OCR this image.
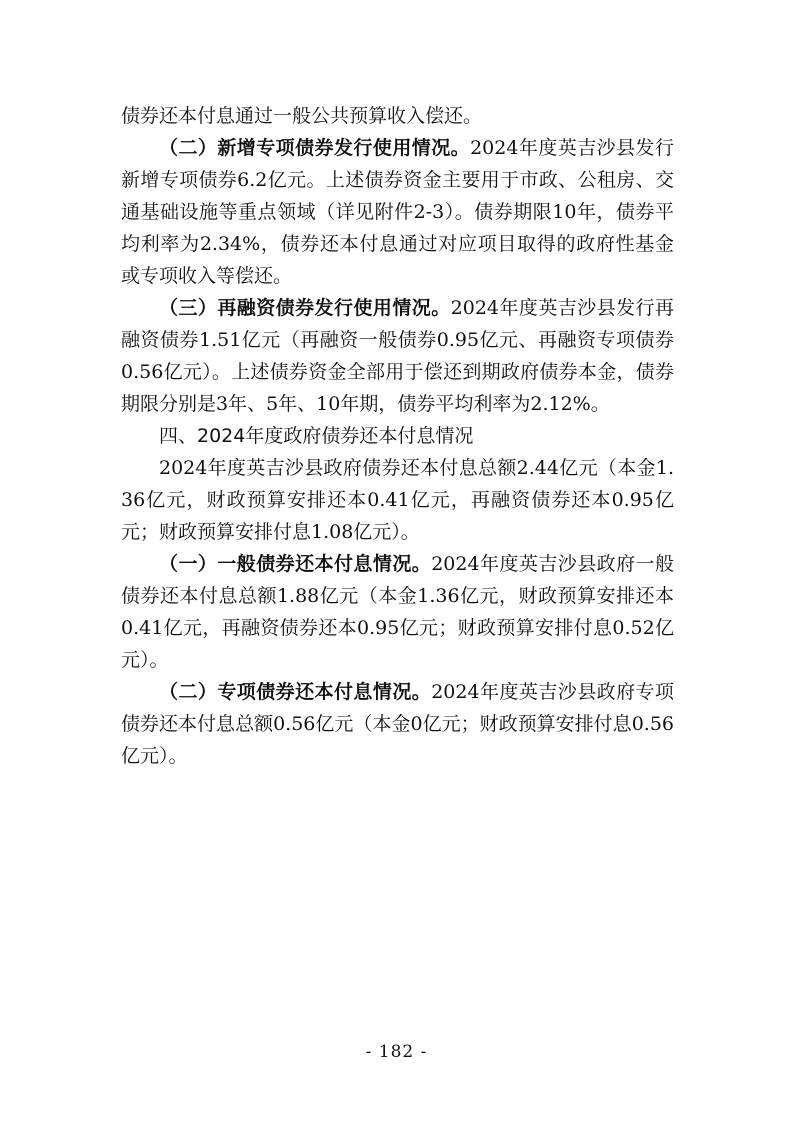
债券还本付息通过一般公共预算收入偿还。

（二）新增专项债券发行使用情况。2024年度英吉沙县发行新增专项债券6.2亿元。上述债券资金主要用于市政、公租房、交通基础设施等重点领域（详见附件2-3）。债券期限10年，债券平均利率为2.34%，债券还本付息通过对应项目取得的政府性基金或专项收入等偿还。

（三）再融资债券发行使用情况。2024年度英吉沙县发行再融资债券1.51亿元（再融资一般债券0.95亿元、再融资专项债券0.56亿元）。上述债券资金全部用于偿还到期政府债券本金，债券期限分别是3年、5年、10年期，债券平均利率为2.12%。

四、2024年度政府债券还本付息情况

2024年度英吉沙县政府债券还本付息总额2.44亿元（本金1.36亿元，财政预算安排还本0.41亿元，再融资债券还本0.95亿元；财政预算安排付息1.08亿元）。

（一）一般债券还本付息情况。2024年度英吉沙县政府一般债券还本付息总额1.88亿元（本金1.36亿元，财政预算安排还本0.41亿元，再融资债券还本0.95亿元；财政预算安排付息0.52亿元）。

（二）专项债券还本付息情况。2024年度英吉沙县政府专项债券还本付息总额0.56亿元（本金0亿元；财政预算安排付息0.56亿元）。

- 182 -
